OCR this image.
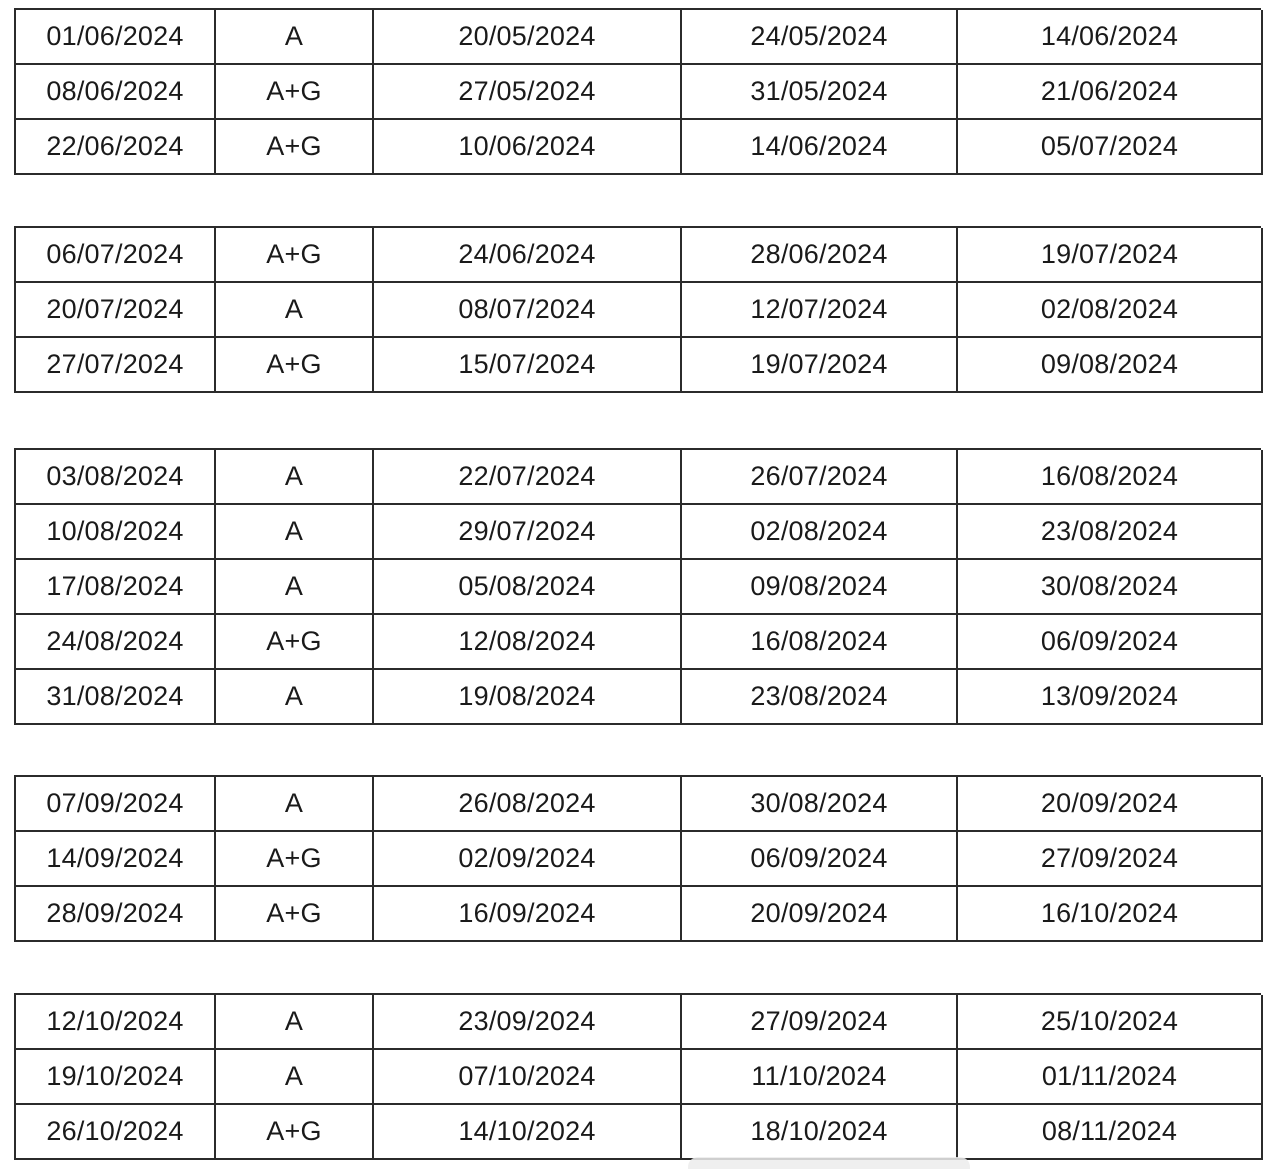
01/06/2024	A	20/05/2024	24/05/2024	14/06/2024
08/06/2024	A+G	27/05/2024	31/05/2024	21/06/2024
22/06/2024	A+G	10/06/2024	14/06/2024	05/07/2024
06/07/2024	A+G	24/06/2024	28/06/2024	19/07/2024
20/07/2024	A	08/07/2024	12/07/2024	02/08/2024
27/07/2024	A+G	15/07/2024	19/07/2024	09/08/2024
03/08/2024	A	22/07/2024	26/07/2024	16/08/2024
10/08/2024	A	29/07/2024	02/08/2024	23/08/2024
17/08/2024	A	05/08/2024	09/08/2024	30/08/2024
24/08/2024	A+G	12/08/2024	16/08/2024	06/09/2024
31/08/2024	A	19/08/2024	23/08/2024	13/09/2024
07/09/2024	A	26/08/2024	30/08/2024	20/09/2024
14/09/2024	A+G	02/09/2024	06/09/2024	27/09/2024
28/09/2024	A+G	16/09/2024	20/09/2024	16/10/2024
12/10/2024	A	23/09/2024	27/09/2024	25/10/2024
19/10/2024	A	07/10/2024	11/10/2024	01/11/2024
26/10/2024	A+G	14/10/2024	18/10/2024	08/11/2024
